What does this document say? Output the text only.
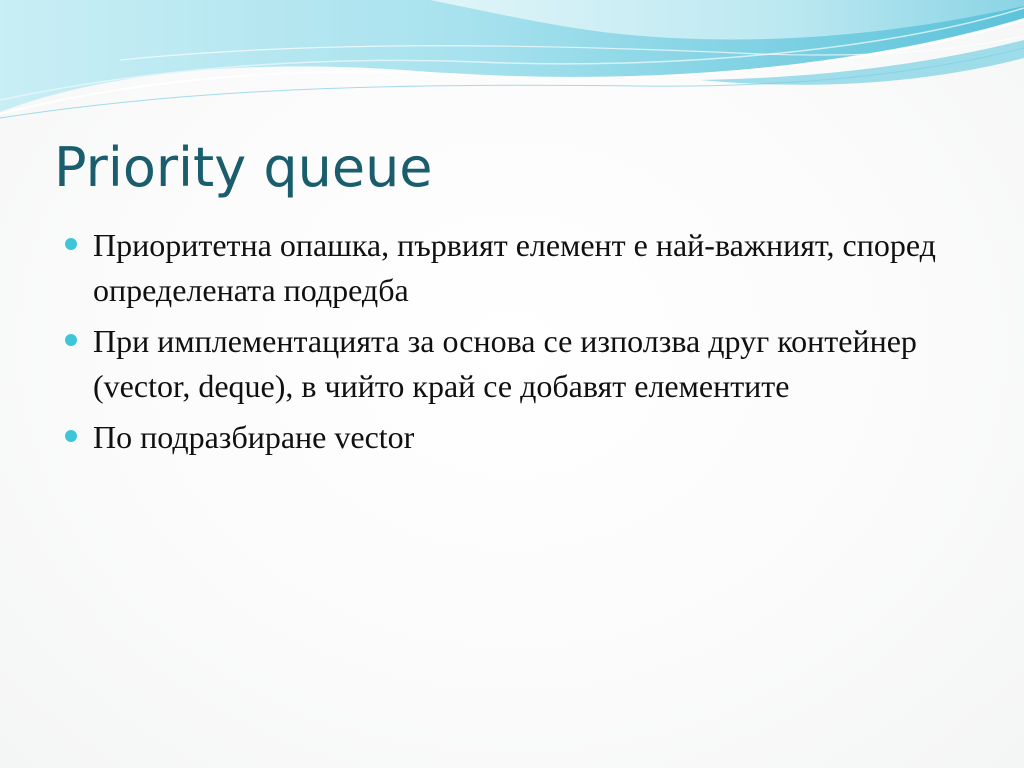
Priority queue
Приоритетна опашка, първият елемент е най-важният, според определената подредба
При имплементацията за основа се използва друг контейнер (vector, deque), в чийто край се добавят елементите
По подразбиране vector
